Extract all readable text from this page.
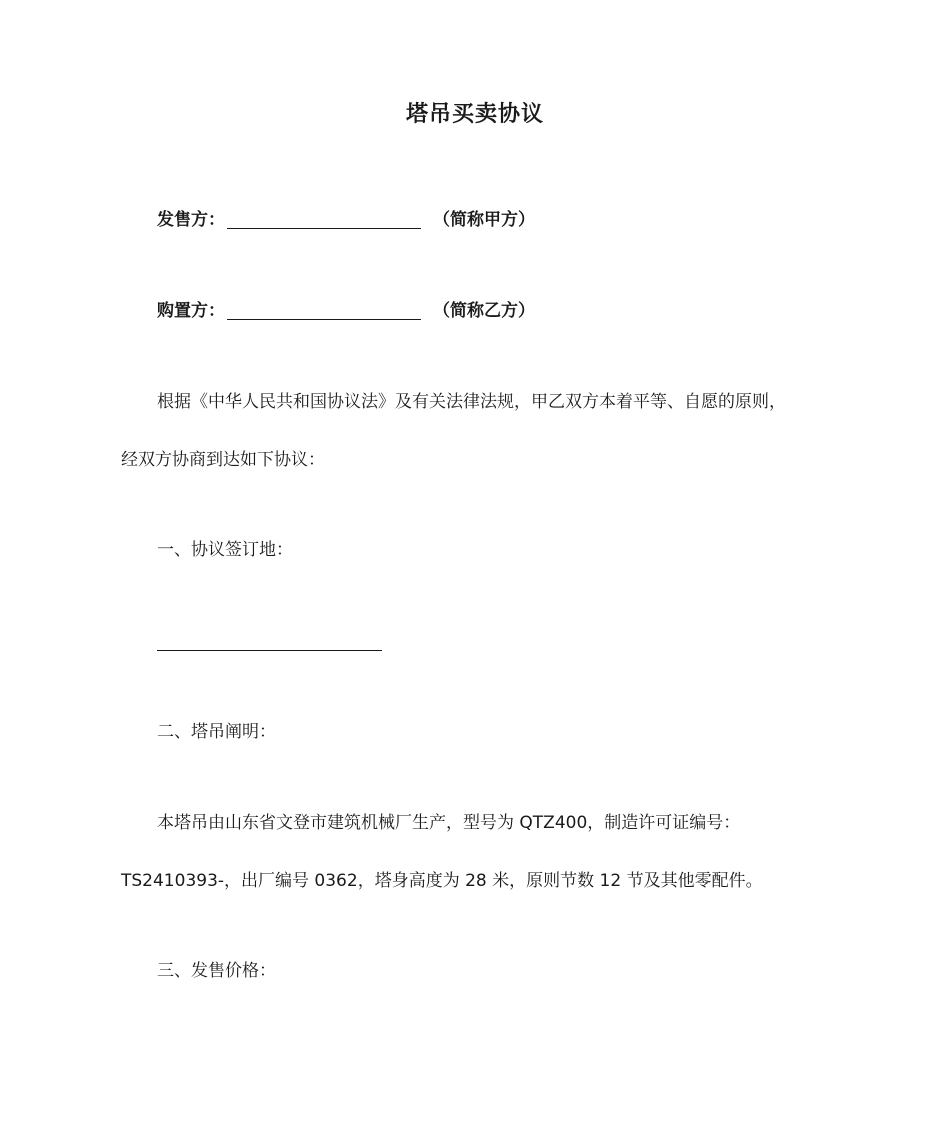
塔吊买卖协议
发售方：	（简称甲方）
购置方：	（简称乙方）
根据《中华人民共和国协议法》及有关法律法规，甲乙双方本着平等、自愿的原则，
经双方协商到达如下协议：
一、协议签订地：
二、塔吊阐明：
本塔吊由山东省文登市建筑机械厂生产，型号为 QTZ400，制造许可证编号：
TS2410393-，出厂编号 0362，塔身高度为 28 米，原则节数 12 节及其他零配件。
三、发售价格：
